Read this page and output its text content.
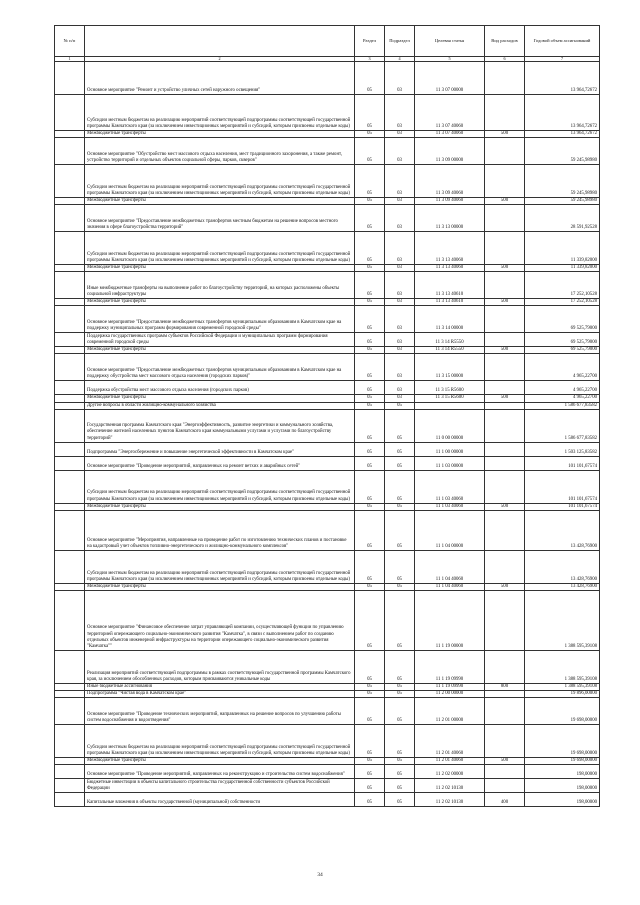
№ п/п		Раздел	Подраздел	Целевая статья	Вид расходов	Годовой объем ассигнований
1	2	3	4	5	6	7
	Основное мероприятие "Ремонт и устройство уличных сетей наружного освещения"	05	03	11 3 07 00000		13 964,72672
	Субсидии местным бюджетам на реализацию мероприятий соответствующей подпрограммы соответствующей государственной программы Камчатского края (за исключением инвестиционных мероприятий и субсидий, которым присвоены отдельные коды)	05	03	11 3 07 40060		13 964,72672
	Межбюджетные трансферты	05	03	11 3 07 40060	500	13 964,72672
	Основное мероприятие "Обустройство мест массового отдыха населения, мест традиционного захоронения, а также ремонт, устройство территорий и отдельных объектов социальной сферы, парков, скверов"	05	03	11 3 09 00000		59 245,98980
	Субсидии местным бюджетам на реализацию мероприятий соответствующей подпрограммы соответствующей государственной программы Камчатского края (за исключением инвестиционных мероприятий и субсидий, которым присвоены отдельные коды)	05	03	11 3 09 40060		59 245,98980
	Межбюджетные трансферты	05	03	11 3 09 40060	500	59 245,98980
	Основное мероприятие "Предоставление межбюджетных трансфертов местным бюджетам на решение вопросов местного значения в сфере благоустройства территорий"	05	03	11 3 13 00000		28 591,92528
	Субсидии местным бюджетам на реализацию мероприятий соответствующей подпрограммы соответствующей государственной программы Камчатского края (за исключением инвестиционных мероприятий и субсидий, которым присвоены отдельные коды)	05	03	11 3 13 40060		11 339,82000
	Межбюджетные трансферты	05	03	11 3 13 40060	500	11 339,82000
	Иные межбюджетные трансферты на выполнение работ по благоустройству территорий, на которых расположены объекты социальной инфраструктуры	05	03	11 3 13 40610		17 252,10528
	Межбюджетные трансферты	05	03	11 3 13 40610	500	17 252,10528
	Основное мероприятие "Предоставление межбюджетных трансфертов муниципальным образованиям в Камчатском крае на поддержку муниципальных программ формирования современной городской среды"	05	03	11 3 14 00000		69 525,79000
	Поддержка государственных программ субъектов Российской Федерации и муниципальных программ формирования современной городской среды	05	03	11 3 14 R5550		69 525,79000
	Межбюджетные трансферты	05	03	11 3 14 R5550	500	69 525,79000
	Основное мероприятие "Предоставление межбюджетных трансфертов муниципальным образованиям в Камчатском крае на поддержку обустройства мест массового отдыха населения (городских парков)"	05	03	11 3 15 00000		4 965,22700
	Поддержка обустройства мест массового отдыха населения (городских парков)	05	03	11 3 15 R5600		4 965,22700
	Межбюджетные трансферты	05	03	11 3 15 R5600	500	4 965,22700
	Другие вопросы в области жилищно-коммунального хозяйства	05	05			1 586 677,83582
	Государственная программа Камчатского края "Энергоэффективность, развитие энергетики и коммунального хозяйства, обеспечение жителей населенных пунктов Камчатского края коммунальными услугами и услугами по благоустройству территорий"	05	05	11 0 00 00000		1 586 677,83582
	Подпрограмма "Энергосбережение и повышение энергетической эффективности в Камчатском крае"	05	05	11 1 00 00000		1 503 125,83582
	Основное мероприятие "Проведение мероприятий, направленных на ремонт ветхих и аварийных сетей"	05	05	11 1 03 00000		101 101,67574
	Субсидии местным бюджетам на реализацию мероприятий соответствующей подпрограммы соответствующей государственной программы Камчатского края (за исключением инвестиционных мероприятий и субсидий, которым присвоены отдельные коды)	05	05	11 1 03 40060		101 101,67574
	Межбюджетные трансферты	05	05	11 1 03 40060	500	101 101,67574
	Основное мероприятие "Мероприятия, направленные на проведение работ по изготовлению технических планов и постановке на кадастровый учет объектов топливно-энергетического и жилищно-коммунального комплексов"	05	05	11 1 04 00000		13 428,76900
	Субсидии местным бюджетам на реализацию мероприятий соответствующей подпрограммы соответствующей государственной программы Камчатского края (за исключением инвестиционных мероприятий и субсидий, которым присвоены отдельные коды)	05	05	11 1 04 40060		13 428,76900
	Межбюджетные трансферты	05	05	11 1 04 40060	500	13 428,76900
	Основное мероприятие "Финансовое обеспечение затрат управляющей компании, осуществляющей функции по управлению территорией опережающего социально-экономического развития "Камчатка", в связи с выполнением работ по созданию отдельных объектов инженерной инфраструктуры на территории опережающего социально-экономического развития "Камчатка""	05	05	11 1 19 00000		1 388 595,39108
	Реализация мероприятий соответствующей подпрограммы в рамках соответствующей государственной программы Камчатского края, за исключением обособленных расходов, которым присваиваются уникальные коды	05	05	11 1 19 09990		1 388 595,39108
	Иные бюджетные ассигнования	05	05	11 1 19 09990	800	1 388 595,39108
	Подпрограмма "Чистая вода в Камчатском крае"	05	05	11 2 00 00000		19 896,00000
	Основное мероприятие "Проведение технических мероприятий, направленных на решение вопросов по улучшению работы систем водоснабжения и водоотведения"	05	05	11 2 01 00000		19 698,00000
	Субсидии местным бюджетам на реализацию мероприятий соответствующей подпрограммы соответствующей государственной программы Камчатского края (за исключением инвестиционных мероприятий и субсидий, которым присвоены отдельные коды)	05	05	11 2 01 40060		19 698,00000
	Межбюджетные трансферты	05	05	11 2 01 40060	500	19 698,00000
	Основное мероприятие "Проведение мероприятий, направленных на реконструкцию и строительство систем водоснабжения"	05	05	11 2 02 00000		198,00000
	Бюджетные инвестиции в объекты капитального строительства государственной собственности субъектов Российской Федерации	05	05	11 2 02 10130		198,00000
	Капитальные вложения в объекты государственной (муниципальной) собственности	05	05	11 2 02 10130	400	198,00000
34
